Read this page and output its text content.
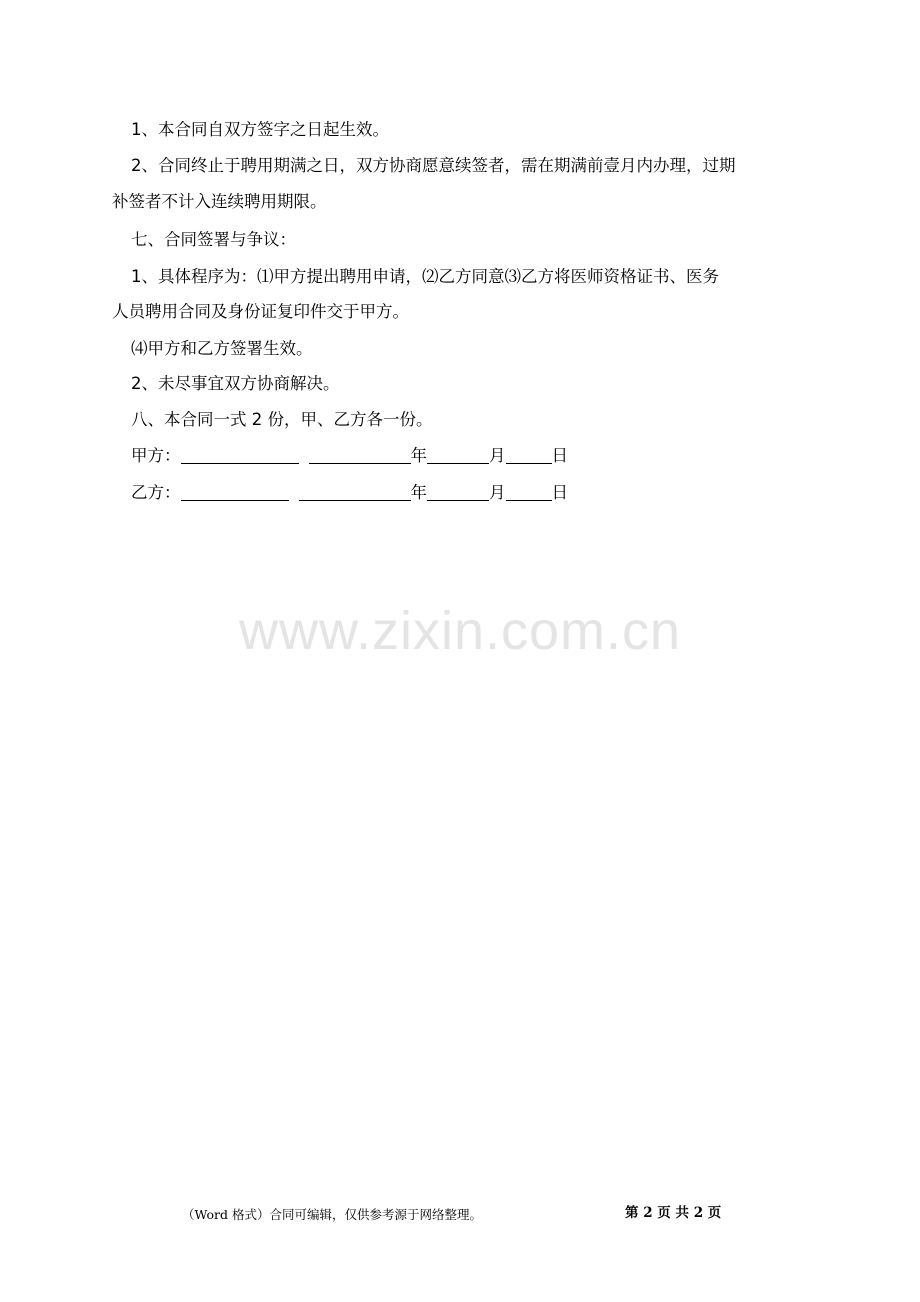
1、本合同自双方签字之日起生效。
2、合同终止于聘用期满之日，双方协商愿意续签者，需在期满前壹月内办理，过期
补签者不计入连续聘用期限。
七、合同签署与争议：
1、具体程序为：⑴甲方提出聘用申请，⑵乙方同意⑶乙方将医师资格证书、医务
人员聘用合同及身份证复印件交于甲方。
⑷甲方和乙方签署生效。
2、未尽事宜双方协商解决。
八、本合同一式 2 份，甲、乙方各一份。
甲方：	年	月	日
乙方：	年	月	日
www.zixin.com.cn
（Word 格式）合同可编辑，仅供参考源于网络整理。	第 2 页 共 2 页
